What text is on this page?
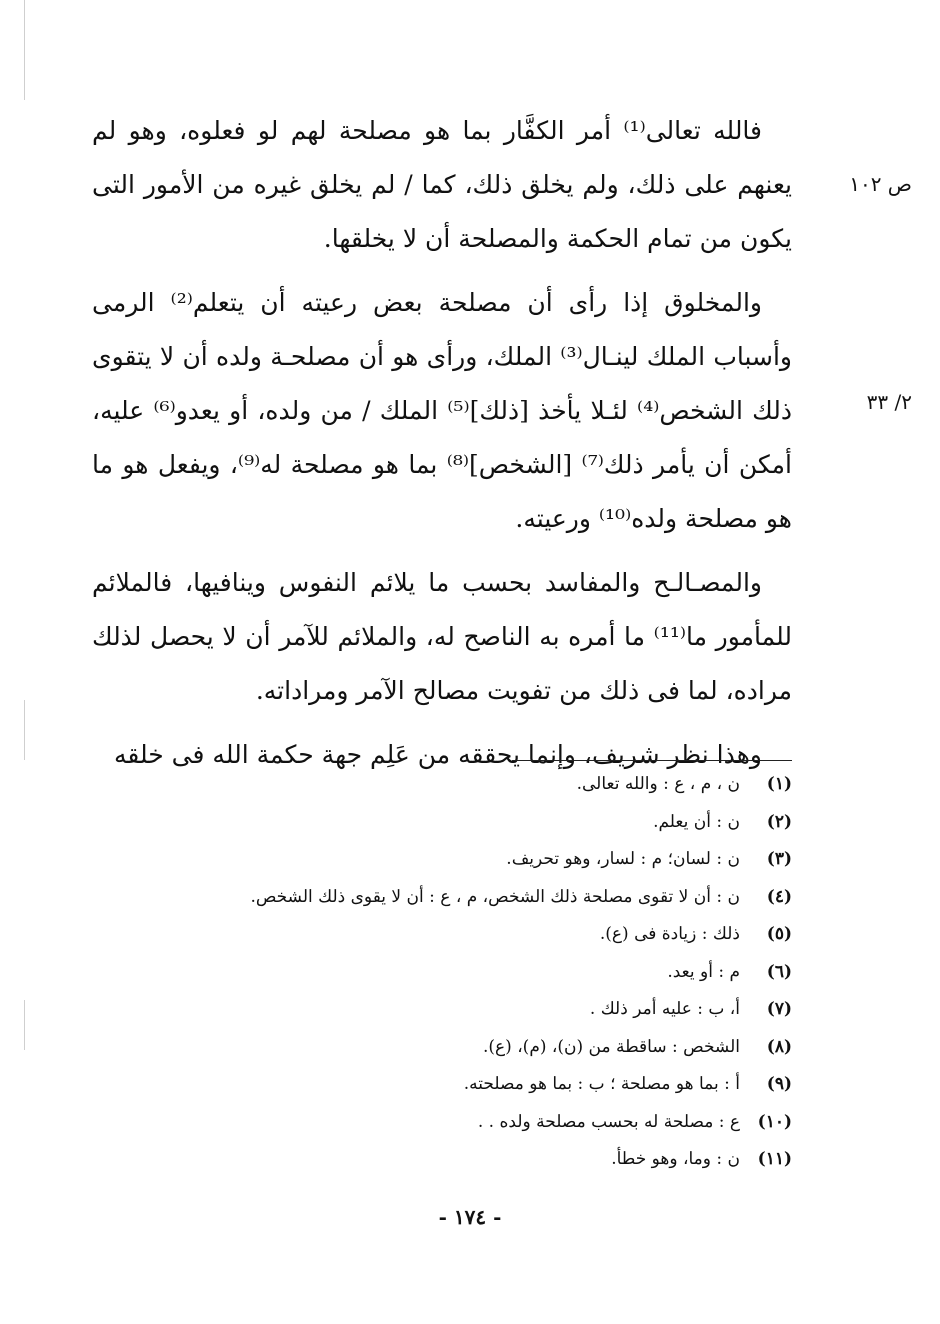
ص ١٠٢
٢/ ٣٣

فالله تعالى⁽¹⁾ أمر الكفَّار بما هو مصلحة لهم لو فعلوه، وهو لم يعنهم على ذلك، ولم يخلق ذلك، كما / لم يخلق غيره من الأمور التى يكون من تمام الحكمة والمصلحة أن لا يخلقها.

والمخلوق إذا رأى أن مصلحة بعض رعيته أن يتعلم⁽²⁾ الرمى وأسباب الملك لينـال⁽³⁾ الملك، ورأى هو أن مصلحـة ولده أن لا يتقوى ذلك الشخص⁽⁴⁾ لئـلا يأخذ [ذلك]⁽⁵⁾ الملك / من ولده، أو يعدو⁽⁶⁾ عليه، أمكن أن يأمر ذلك⁽⁷⁾ [الشخص]⁽⁸⁾ بما هو مصلحة له⁽⁹⁾، ويفعل هو ما هو مصلحة ولده⁽¹⁰⁾ ورعيته.

والمصـالـح والمفاسد بحسب ما يلائم النفوس وينافيها، فالملائم للمأمور ما⁽¹¹⁾ ما أمره به الناصح له، والملائم للآمر أن لا يحصل لذلك مراده، لما فى ذلك من تفويت مصالح الآمر ومراداته.

وهذا نظر شريف، وإنما يحققه من عَلِم جهة حكمة الله فى خلقه

(١)
ن ، م ، ع : والله تعالى.
(٢)
ن : أن يعلم.
(٣)
ن : لسان؛ م : لسار، وهو تحريف.
(٤)
ن : أن لا تقوى مصلحة ذلك الشخص، م ، ع : أن لا يقوى ذلك الشخص.
(٥)
ذلك : زيادة فى (ع).
(٦)
م : أو يعد.
(٧)
أ، ب : عليه أمر ذلك .
(٨)
الشخص : ساقطة من (ن)، (م)، (ع).
(٩)
أ : بما هو مصلحة ؛ ب : بما هو مصلحته.
(١٠)
ع : مصلحة له بحسب مصلحة ولده . .
(١١)
ن : وما، وهو خطأ.
- ١٧٤ -
